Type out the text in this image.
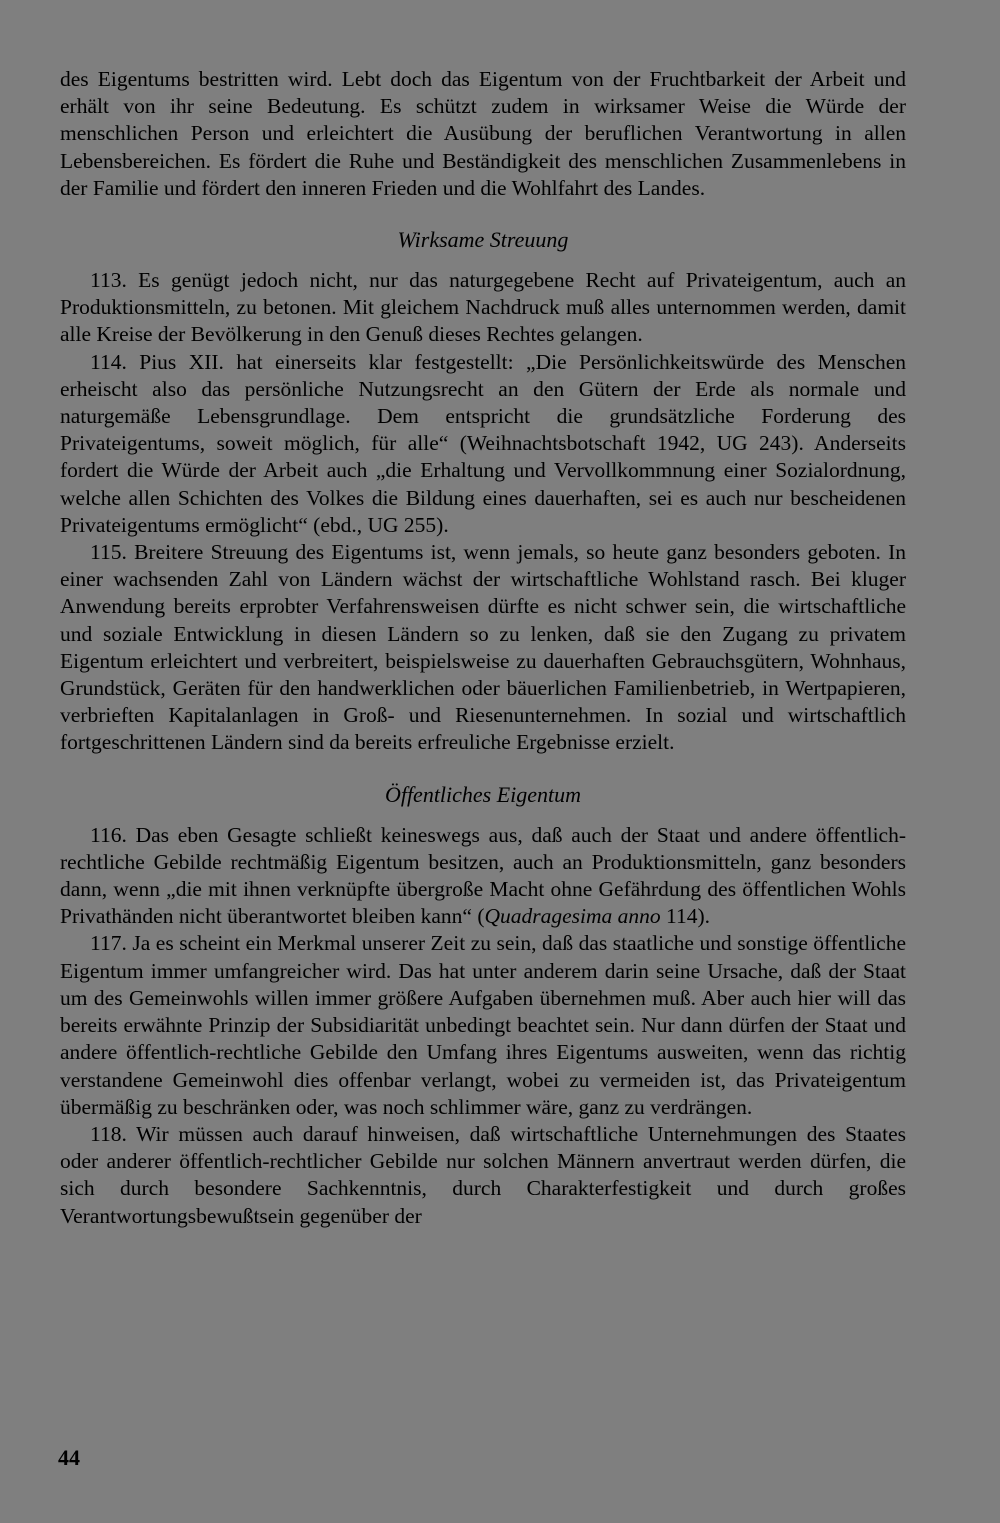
des Eigentums bestritten wird. Lebt doch das Eigentum von der Fruchtbarkeit der Arbeit und erhält von ihr seine Bedeutung. Es schützt zudem in wirksamer Weise die Würde der menschlichen Person und erleichtert die Ausübung der beruflichen Verantwortung in allen Lebensbereichen. Es fördert die Ruhe und Beständigkeit des menschlichen Zusammenlebens in der Familie und fördert den inneren Frieden und die Wohlfahrt des Landes.

Wirksame Streuung

113. Es genügt jedoch nicht, nur das naturgegebene Recht auf Privateigentum, auch an Produktionsmitteln, zu betonen. Mit gleichem Nachdruck muß alles unternommen werden, damit alle Kreise der Bevölkerung in den Genuß dieses Rechtes gelangen.

114. Pius XII. hat einerseits klar festgestellt: „Die Persönlichkeitswürde des Menschen erheischt also das persönliche Nutzungsrecht an den Gütern der Erde als normale und naturgemäße Lebensgrundlage. Dem entspricht die grundsätzliche Forderung des Privateigentums, soweit möglich, für alle“ (Weihnachtsbotschaft 1942, UG 243). Anderseits fordert die Würde der Arbeit auch „die Erhaltung und Vervollkommnung einer Sozialordnung, welche allen Schichten des Volkes die Bildung eines dauerhaften, sei es auch nur bescheidenen Privateigentums ermöglicht“ (ebd., UG 255).

115. Breitere Streuung des Eigentums ist, wenn jemals, so heute ganz besonders geboten. In einer wachsenden Zahl von Ländern wächst der wirtschaftliche Wohlstand rasch. Bei kluger Anwendung bereits erprobter Verfahrensweisen dürfte es nicht schwer sein, die wirtschaftliche und soziale Entwicklung in diesen Ländern so zu lenken, daß sie den Zugang zu privatem Eigentum erleichtert und verbreitert, beispielsweise zu dauerhaften Gebrauchsgütern, Wohnhaus, Grundstück, Geräten für den handwerklichen oder bäuerlichen Familienbetrieb, in Wertpapieren, verbrieften Kapitalanlagen in Groß- und Riesenunternehmen. In sozial und wirtschaftlich fortgeschrittenen Ländern sind da bereits erfreuliche Ergebnisse erzielt.

Öffentliches Eigentum

116. Das eben Gesagte schließt keineswegs aus, daß auch der Staat und andere öffentlich-rechtliche Gebilde rechtmäßig Eigentum besitzen, auch an Produktionsmitteln, ganz besonders dann, wenn „die mit ihnen verknüpfte übergroße Macht ohne Gefährdung des öffentlichen Wohls Privathänden nicht überantwortet bleiben kann“ (Quadragesima anno 114).

117. Ja es scheint ein Merkmal unserer Zeit zu sein, daß das staatliche und sonstige öffentliche Eigentum immer umfangreicher wird. Das hat unter anderem darin seine Ursache, daß der Staat um des Gemeinwohls willen immer größere Aufgaben übernehmen muß. Aber auch hier will das bereits erwähnte Prinzip der Subsidiarität unbedingt beachtet sein. Nur dann dürfen der Staat und andere öffentlich-rechtliche Gebilde den Umfang ihres Eigentums ausweiten, wenn das richtig verstandene Gemeinwohl dies offenbar verlangt, wobei zu vermeiden ist, das Privateigentum übermäßig zu beschränken oder, was noch schlimmer wäre, ganz zu verdrängen.

118. Wir müssen auch darauf hinweisen, daß wirtschaftliche Unternehmungen des Staates oder anderer öffentlich-rechtlicher Gebilde nur solchen Männern anvertraut werden dürfen, die sich durch besondere Sachkenntnis, durch Charakterfestigkeit und durch großes Verantwortungsbewußtsein gegenüber der

44
